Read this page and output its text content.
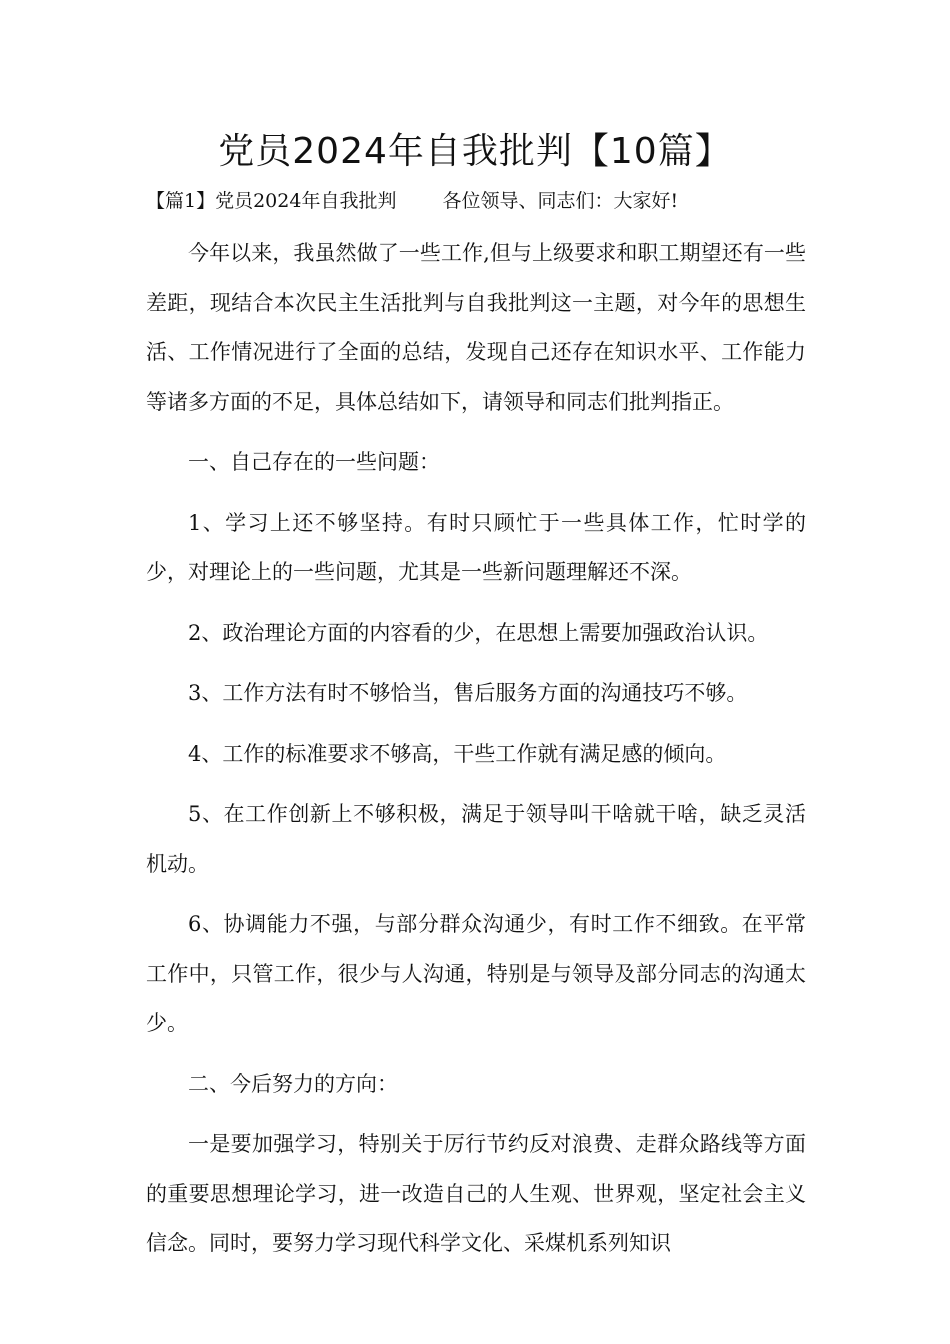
党员2024年自我批判【10篇】
【篇1】党员2024年自我批判 各位领导、同志们：大家好!

今年以来，我虽然做了一些工作,但与上级要求和职工期望还有一些差距，现结合本次民主生活批判与自我批判这一主题，对今年的思想生活、工作情况进行了全面的总结，发现自己还存在知识水平、工作能力等诸多方面的不足，具体总结如下，请领导和同志们批判指正。

一、自己存在的一些问题：

1、学习上还不够坚持。有时只顾忙于一些具体工作，忙时学的少，对理论上的一些问题，尤其是一些新问题理解还不深。

2、政治理论方面的内容看的少，在思想上需要加强政治认识。

3、工作方法有时不够恰当，售后服务方面的沟通技巧不够。

4、工作的标准要求不够高，干些工作就有满足感的倾向。

5、在工作创新上不够积极，满足于领导叫干啥就干啥，缺乏灵活机动。

6、协调能力不强，与部分群众沟通少，有时工作不细致。在平常工作中，只管工作，很少与人沟通，特别是与领导及部分同志的沟通太少。

二、今后努力的方向：

一是要加强学习，特别关于厉行节约反对浪费、走群众路线等方面的重要思想理论学习，进一改造自己的人生观、世界观，坚定社会主义信念。同时，要努力学习现代科学文化、采煤机系列知识
